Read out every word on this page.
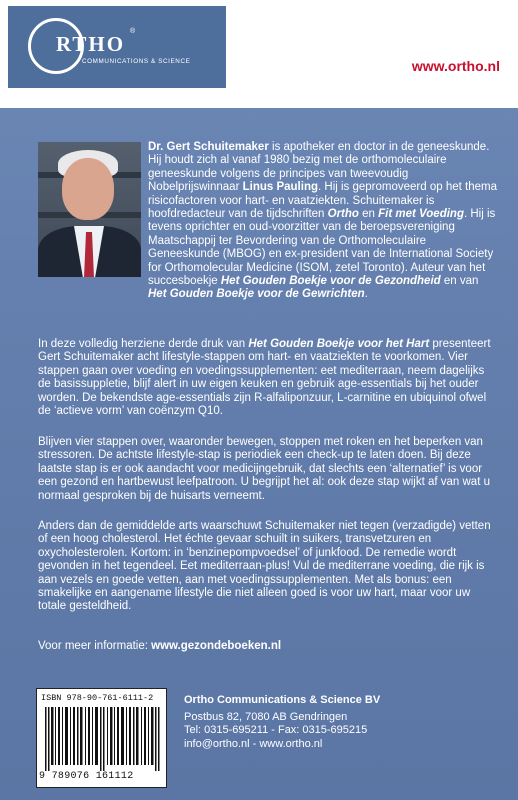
RTHO
®
COMMUNICATIONS & SCIENCE	www.ortho.nl
Dr. Gert Schuitemaker is apotheker en doctor in de geneeskunde. Hij houdt zich al vanaf 1980 bezig met de orthomoleculaire geneeskunde volgens de principes van tweevoudig Nobelprijswinnaar Linus Pauling. Hij is gepromoveerd op het thema risicofactoren voor hart- en vaatziekten. Schuitemaker is hoofdredacteur van de tijdschriften Ortho en Fit met Voeding. Hij is tevens oprichter en oud-voorzitter van de beroepsvereniging Maatschappij ter Bevordering van de Orthomoleculaire Geneeskunde (MBOG) en ex-president van de International Society for Orthomolecular Medicine (ISOM, zetel Toronto). Auteur van het succesboekje Het Gouden Boekje voor de Gezondheid en van Het Gouden Boekje voor de Gewrichten.
In deze volledig herziene derde druk van Het Gouden Boekje voor het Hart presenteert Gert Schuitemaker acht lifestyle-stappen om hart- en vaatziekten te voorkomen. Vier stappen gaan over voeding en voedingssupplementen: eet mediterraan, neem dagelijks de basissuppletie, blijf alert in uw eigen keuken en gebruik age-essentials bij het ouder worden. De bekendste age-essentials zijn R-alfaliponzuur, L-carnitine en ubiquinol ofwel de ‘actieve vorm’ van coënzym Q10.
Blijven vier stappen over, waaronder bewegen, stoppen met roken en het beperken van stressoren. De achtste lifestyle-stap is periodiek een check-up te laten doen. Bij deze laatste stap is er ook aandacht voor medicijngebruik, dat slechts een ‘alternatief’ is voor een gezond en hartbewust leefpatroon. U begrijpt het al: ook deze stap wijkt af van wat u normaal gesproken bij de huisarts verneemt.
Anders dan de gemiddelde arts waarschuwt Schuitemaker niet tegen (verzadigde) vetten of een hoog cholesterol. Het échte gevaar schuilt in suikers, transvetzuren en oxycholesterolen. Kortom: in ‘benzinepompvoedsel’ of junkfood. De remedie wordt gevonden in het tegendeel. Eet mediterraan-plus! Vul de mediterrane voeding, die rijk is aan vezels en goede vetten, aan met voedingssupplementen. Met als bonus: een smakelijke en aangename lifestyle die niet alleen goed is voor uw hart, maar voor uw totale gesteldheid.
Voor meer informatie: www.gezondeboeken.nl
ISBN 978-90-761-6111-2
9 789076 161112
Ortho Communications & Science BV
Postbus 82, 7080 AB Gendringen
Tel: 0315-695211 - Fax: 0315-695215
info@ortho.nl - www.ortho.nl
